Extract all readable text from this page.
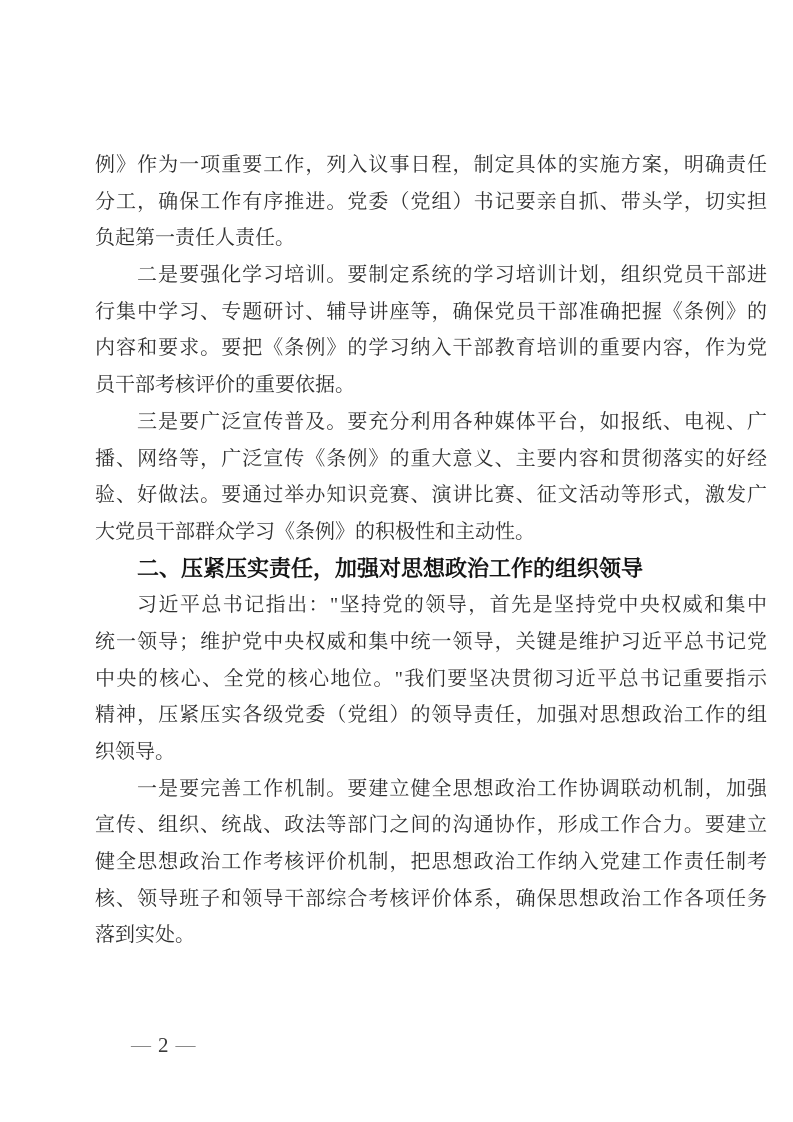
例》作为一项重要工作，列入议事日程，制定具体的实施方案，明确责任
分工，确保工作有序推进。党委（党组）书记要亲自抓、带头学，切实担
负起第一责任人责任。
二是要强化学习培训。要制定系统的学习培训计划，组织党员干部进
行集中学习、专题研讨、辅导讲座等，确保党员干部准确把握《条例》的
内容和要求。要把《条例》的学习纳入干部教育培训的重要内容，作为党
员干部考核评价的重要依据。
三是要广泛宣传普及。要充分利用各种媒体平台，如报纸、电视、广
播、网络等，广泛宣传《条例》的重大意义、主要内容和贯彻落实的好经
验、好做法。要通过举办知识竞赛、演讲比赛、征文活动等形式，激发广
大党员干部群众学习《条例》的积极性和主动性。
二、压紧压实责任，加强对思想政治工作的组织领导
习近平总书记指出："坚持党的领导，首先是坚持党中央权威和集中
统一领导；维护党中央权威和集中统一领导，关键是维护习近平总书记党
中央的核心、全党的核心地位。"我们要坚决贯彻习近平总书记重要指示
精神，压紧压实各级党委（党组）的领导责任，加强对思想政治工作的组
织领导。
一是要完善工作机制。要建立健全思想政治工作协调联动机制，加强
宣传、组织、统战、政法等部门之间的沟通协作，形成工作合力。要建立
健全思想政治工作考核评价机制，把思想政治工作纳入党建工作责任制考
核、领导班子和领导干部综合考核评价体系，确保思想政治工作各项任务
落到实处。
— 2 —
